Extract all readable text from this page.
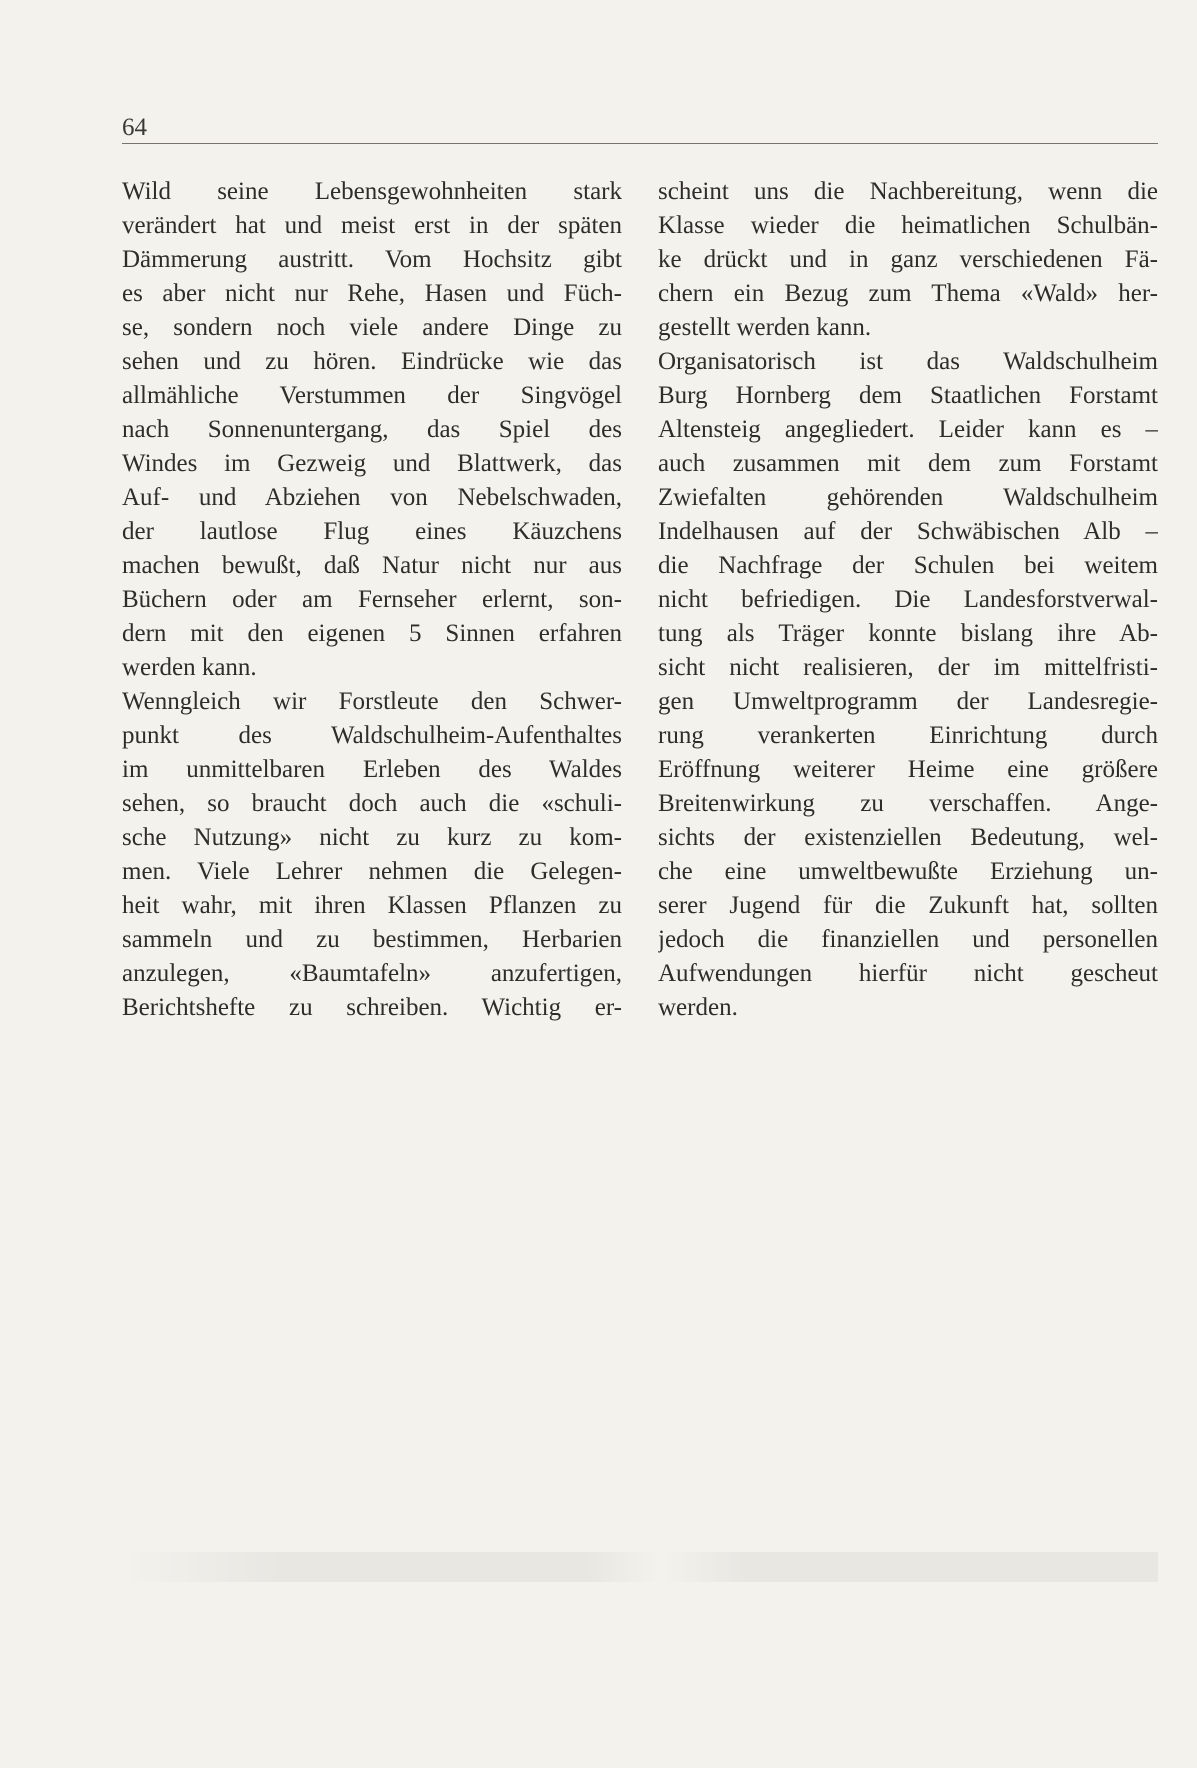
64

Wild seine Lebensgewohnheiten stark
verändert hat und meist erst in der späten
Dämmerung austritt. Vom Hochsitz gibt
es aber nicht nur Rehe, Hasen und Füch-
se, sondern noch viele andere Dinge zu
sehen und zu hören. Eindrücke wie das
allmähliche Verstummen der Singvögel
nach Sonnenuntergang, das Spiel des
Windes im Gezweig und Blattwerk, das
Auf- und Abziehen von Nebelschwaden,
der lautlose Flug eines Käuzchens
machen bewußt, daß Natur nicht nur aus
Büchern oder am Fernseher erlernt, son-
dern mit den eigenen 5 Sinnen erfahren
werden kann.
Wenngleich wir Forstleute den Schwer-
punkt des Waldschulheim-Aufenthaltes
im unmittelbaren Erleben des Waldes
sehen, so braucht doch auch die «schuli-
sche Nutzung» nicht zu kurz zu kom-
men. Viele Lehrer nehmen die Gelegen-
heit wahr, mit ihren Klassen Pflanzen zu
sammeln und zu bestimmen, Herbarien
anzulegen, «Baumtafeln» anzufertigen,
Berichtshefte zu schreiben. Wichtig er-
scheint uns die Nachbereitung, wenn die
Klasse wieder die heimatlichen Schulbän-
ke drückt und in ganz verschiedenen Fä-
chern ein Bezug zum Thema «Wald» her-
gestellt werden kann.
Organisatorisch ist das Waldschulheim
Burg Hornberg dem Staatlichen Forstamt
Altensteig angegliedert. Leider kann es –
auch zusammen mit dem zum Forstamt
Zwiefalten gehörenden Waldschulheim
Indelhausen auf der Schwäbischen Alb –
die Nachfrage der Schulen bei weitem
nicht befriedigen. Die Landesforstverwal-
tung als Träger konnte bislang ihre Ab-
sicht nicht realisieren, der im mittelfristi-
gen Umweltprogramm der Landesregie-
rung verankerten Einrichtung durch
Eröffnung weiterer Heime eine größere
Breitenwirkung zu verschaffen. Ange-
sichts der existenziellen Bedeutung, wel-
che eine umweltbewußte Erziehung un-
serer Jugend für die Zukunft hat, sollten
jedoch die finanziellen und personellen
Aufwendungen hierfür nicht gescheut
werden.
